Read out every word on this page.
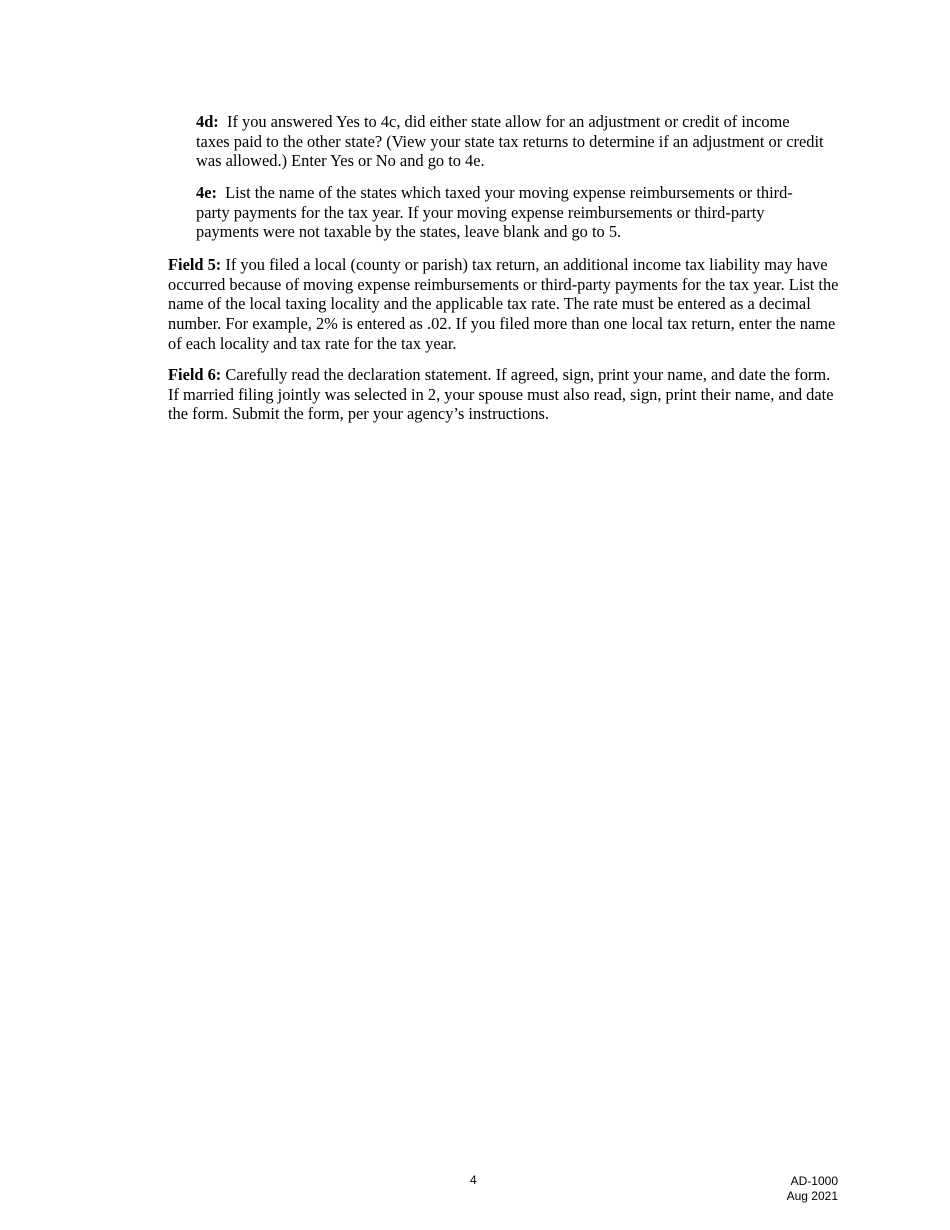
4d: If you answered Yes to 4c, did either state allow for an adjustment or credit of income taxes paid to the other state? (View your state tax returns to determine if an adjustment or credit was allowed.) Enter Yes or No and go to 4e.

4e: List the name of the states which taxed your moving expense reimbursements or third-party payments for the tax year. If your moving expense reimbursements or third-party payments were not taxable by the states, leave blank and go to 5.

Field 5: If you filed a local (county or parish) tax return, an additional income tax liability may have occurred because of moving expense reimbursements or third-party payments for the tax year. List the name of the local taxing locality and the applicable tax rate. The rate must be entered as a decimal number. For example, 2% is entered as .02. If you filed more than one local tax return, enter the name of each locality and tax rate for the tax year.

Field 6: Carefully read the declaration statement. If agreed, sign, print your name, and date the form. If married filing jointly was selected in 2, your spouse must also read, sign, print their name, and date the form. Submit the form, per your agency’s instructions.

4	AD-1000
Aug 2021
